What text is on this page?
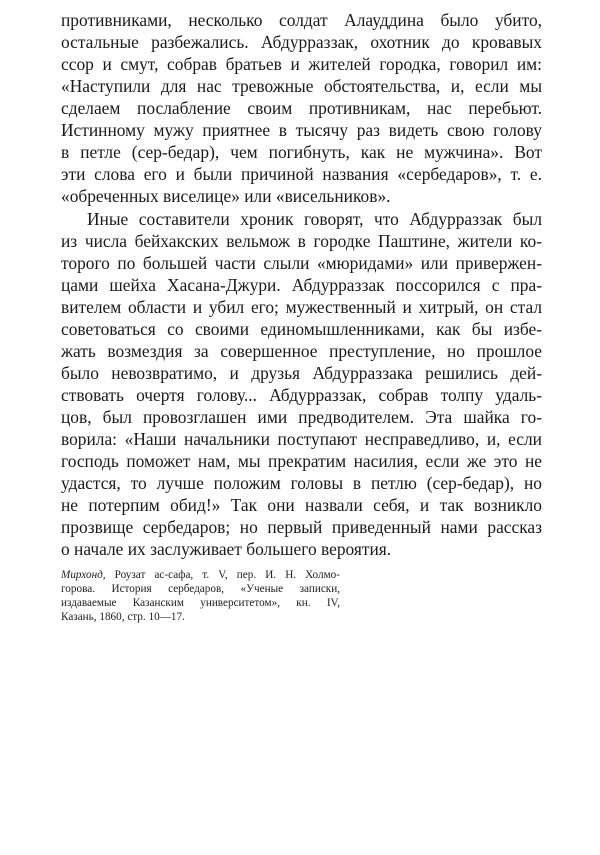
противниками, несколько солдат Алауддина было убито,
остальные разбежались. Абдурраззак, охотник до кровавых
ссор и смут, собрав братьев и жителей городка, говорил им:
«Наступили для нас тревожные обстоятельства, и, если мы
сделаем послабление своим противникам, нас перебьют.
Истинному мужу приятнее в тысячу раз видеть свою голову
в петле (сер-бедар), чем погибнуть, как не мужчина». Вот
эти слова его и были причиной названия «сербедаров», т. е.
«обреченных виселице» или «висельников».
Иные составители хроник говорят, что Абдурраззак был
из числа бейхакских вельмож в городке Паштине, жители ко-
торого по большей части слыли «мюридами» или привержен-
цами шейха Хасана-Джури. Абдурраззак поссорился с пра-
вителем области и убил его; мужественный и хитрый, он стал
советоваться со своими единомышленниками, как бы избе-
жать возмездия за совершенное преступление, но прошлое
было невозвратимо, и друзья Абдурраззака решились дей-
ствовать очертя голову... Абдурраззак, собрав толпу удаль-
цов, был провозглашен ими предводителем. Эта шайка го-
ворила: «Наши начальники поступают несправедливо, и, если
господь поможет нам, мы прекратим насилия, если же это не
удастся, то лучше положим головы в петлю (сер-бедар), но
не потерпим обид!» Так они назвали себя, и так возникло
прозвище сербедаров; но первый приведенный нами рассказ
о начале их заслуживает большего вероятия.
Мирхонд, Роузат ас-сафа, т. V, пер. И. Н. Холмо-
горова. История сербедаров, «Ученые записки,
издаваемые Казанским университетом», кн. IV,
Казань, 1860, стр. 10—17.
